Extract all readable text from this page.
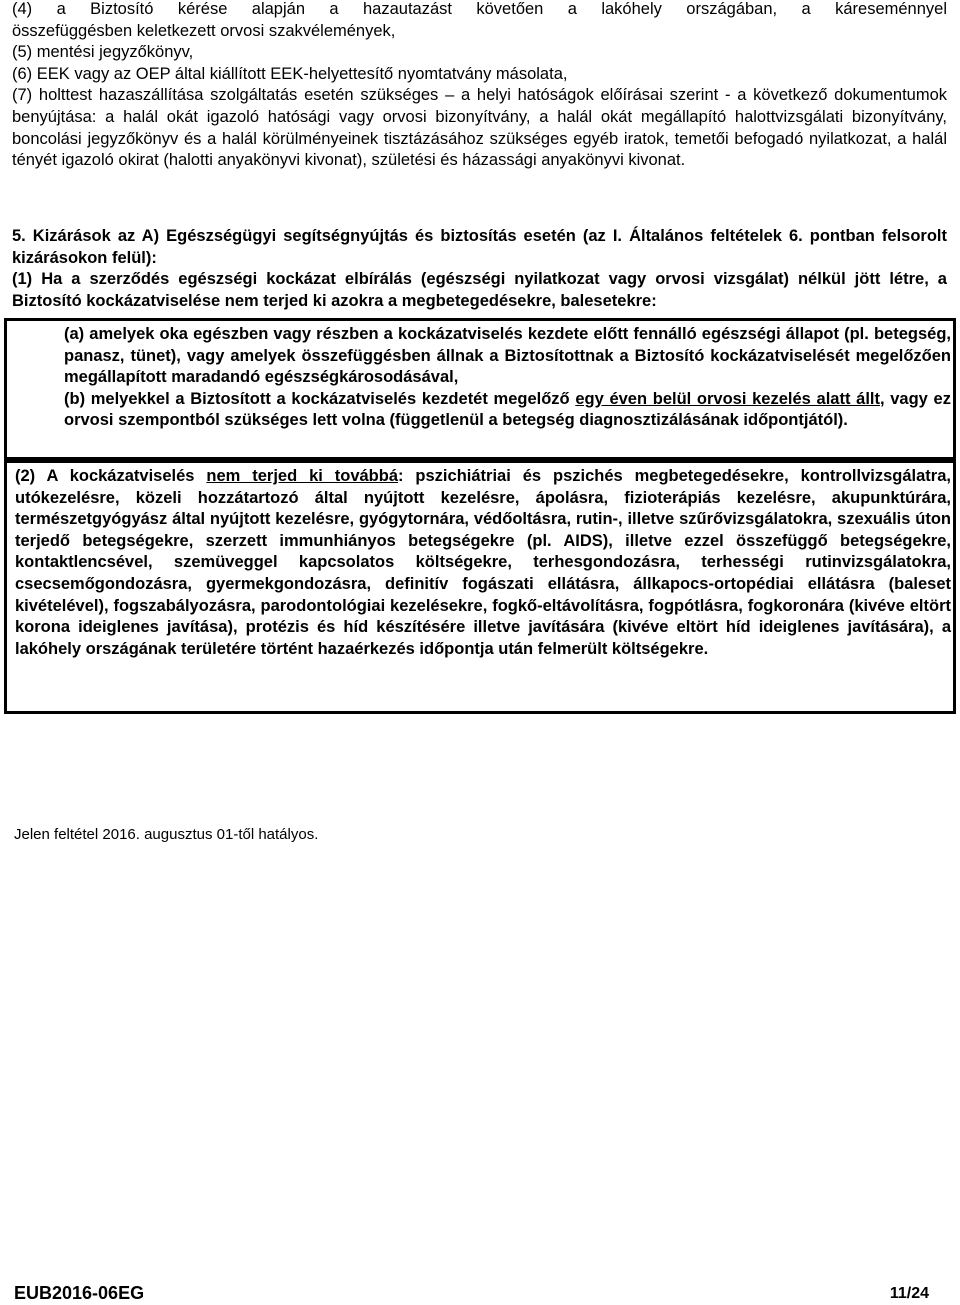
(4) a Biztosító kérése alapján a hazautazást követően a lakóhely országában, a káreseménnyel
összefüggésben keletkezett orvosi szakvélemények,
(5) mentési jegyzőkönyv,
(6) EEK vagy az OEP által kiállított EEK-helyettesítő nyomtatvány másolata,
(7) holttest hazaszállítása szolgáltatás esetén szükséges – a helyi hatóságok előírásai szerint - a következő dokumentumok benyújtása: a halál okát igazoló hatósági vagy orvosi bizonyítvány, a halál okát megállapító halottvizsgálati bizonyítvány, boncolási jegyzőkönyv és a halál körülményeinek tisztázásához szükséges egyéb iratok, temetői befogadó nyilatkozat, a halál tényét igazoló okirat (halotti anyakönyvi kivonat), születési és házassági anyakönyvi kivonat.
5. Kizárások az A) Egészségügyi segítségnyújtás és biztosítás esetén (az I. Általános feltételek 6. pontban felsorolt kizárásokon felül):
(1) Ha a szerződés egészségi kockázat elbírálás (egészségi nyilatkozat vagy orvosi vizsgálat) nélkül jött létre, a Biztosító kockázatviselése nem terjed ki azokra a megbetegedésekre, balesetekre:
(a) amelyek oka egészben vagy részben a kockázatviselés kezdete előtt fennálló egészségi állapot (pl. betegség, panasz, tünet), vagy amelyek összefüggésben állnak a Biztosítottnak a Biztosító kockázatviselését megelőzően megállapított maradandó egészségkárosodásával,
(b) melyekkel a Biztosított a kockázatviselés kezdetét megelőző egy éven belül orvosi kezelés alatt állt, vagy ez orvosi szempontból szükséges lett volna (függetlenül a betegség diagnosztizálásának időpontjától).
(2) A kockázatviselés nem terjed ki továbbá: pszichiátriai és pszichés megbetegedésekre, kontrollvizsgálatra, utókezelésre, közeli hozzátartozó által nyújtott kezelésre, ápolásra, fizioterápiás kezelésre, akupunktúrára, természetgyógyász által nyújtott kezelésre, gyógytornára, védőoltásra, rutin-, illetve szűrővizsgálatokra, szexuális úton terjedő betegségekre, szerzett immunhiányos betegségekre (pl. AIDS), illetve ezzel összefüggő betegségekre, kontaktlencsével, szemüveggel kapcsolatos költségekre, terhesgondozásra, terhességi rutinvizsgálatokra, csecsemőgondozásra, gyermekgondozásra, definitív fogászati ellátásra, állkapocs-ortopédiai ellátásra (baleset kivételével), fogszabályozásra, parodontológiai kezelésekre, fogkő-eltávolításra, fogpótlásra, fogkoronára (kivéve eltört korona ideiglenes javítása), protézis és híd készítésére illetve javítására (kivéve eltört híd ideiglenes javítására), a lakóhely országának területére történt hazaérkezés időpontja után felmerült költségekre.
Jelen feltétel 2016. augusztus 01-től hatályos.
EUB2016-06EG	11/24
